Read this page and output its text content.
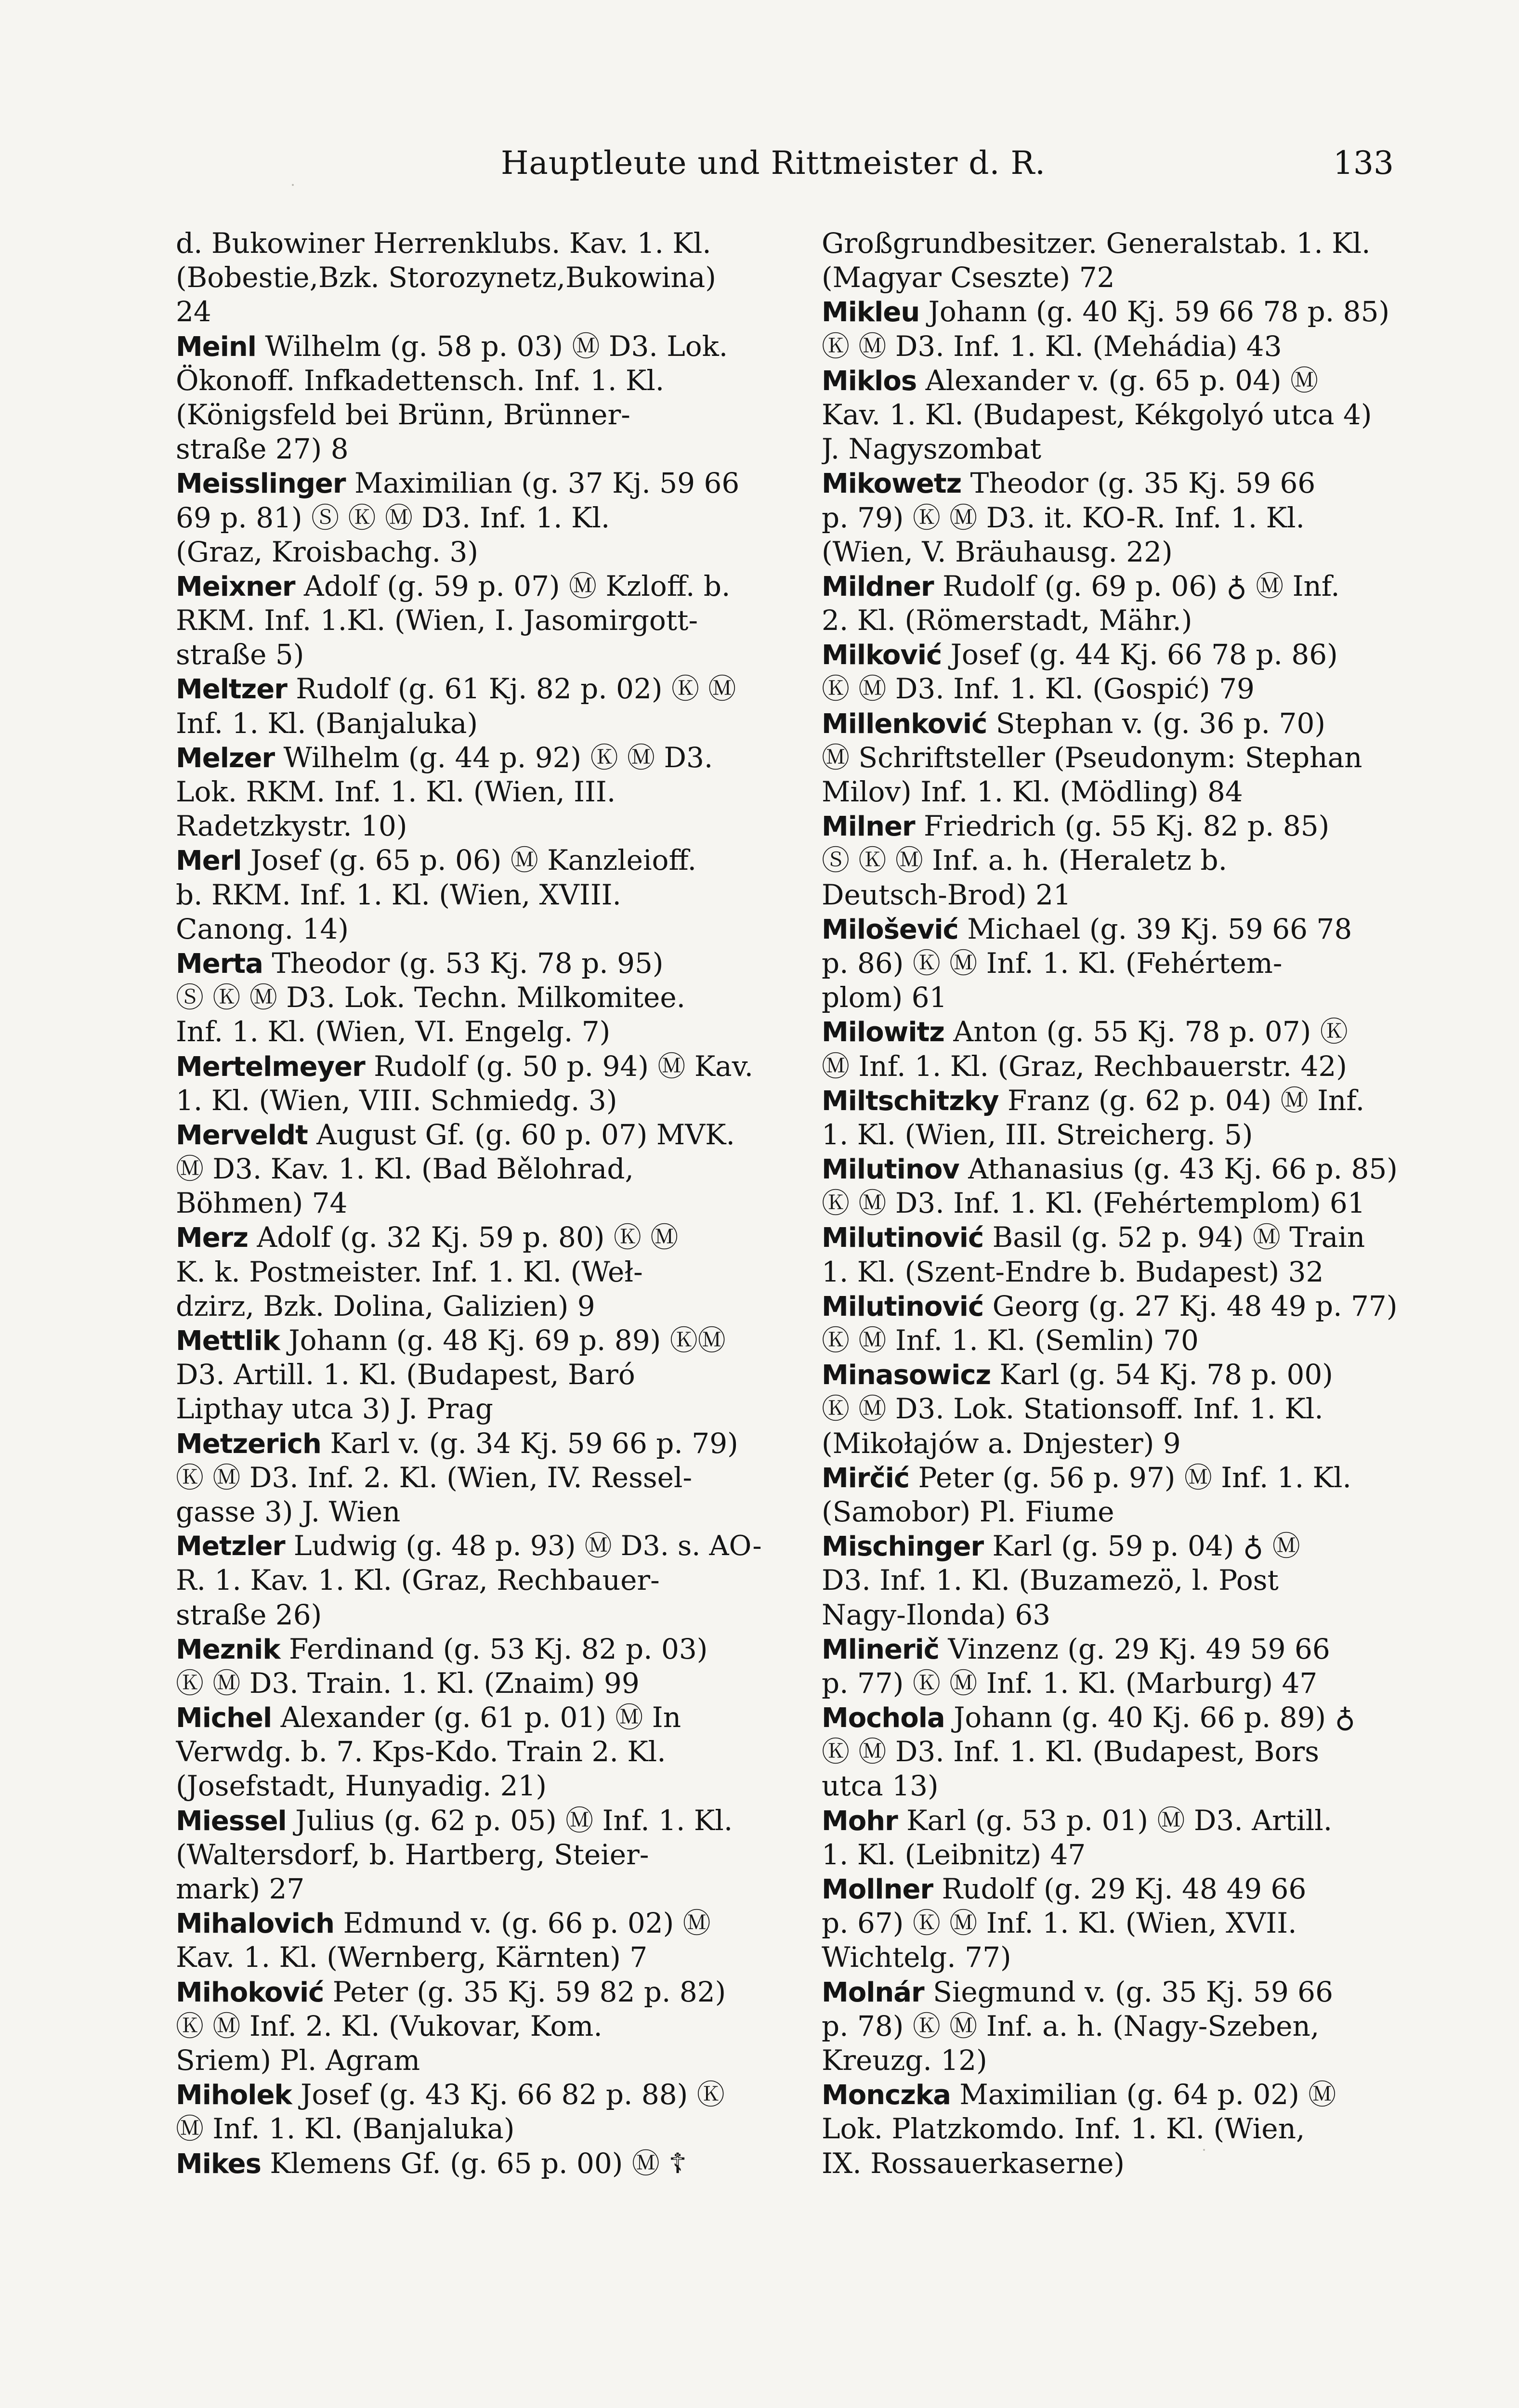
Hauptleute und Rittmeister d. R.	133
d. Bukowiner Herrenklubs. Kav. 1. Kl.
(Bobestie,Bzk. Storozynetz,Bukowina)
24
Meinl Wilhelm (g. 58 p. 03) Ⓜ D3. Lok.
Ökonoff. Infkadettensch. Inf. 1. Kl.
(Königsfeld bei Brünn, Brünner-
straße 27) 8
Meisslinger Maximilian (g. 37 Kj. 59 66
69 p. 81) Ⓢ Ⓚ Ⓜ D3. Inf. 1. Kl.
(Graz, Kroisbachg. 3)
Meixner Adolf (g. 59 p. 07) Ⓜ Kzloff. b.
RKM. Inf. 1.Kl. (Wien, I. Jasomirgott-
straße 5)
Meltzer Rudolf (g. 61 Kj. 82 p. 02) Ⓚ Ⓜ
Inf. 1. Kl. (Banjaluka)
Melzer Wilhelm (g. 44 p. 92) Ⓚ Ⓜ D3.
Lok. RKM. Inf. 1. Kl. (Wien, III.
Radetzkystr. 10)
Merl Josef (g. 65 p. 06) Ⓜ Kanzleioff.
b. RKM. Inf. 1. Kl. (Wien, XVIII.
Canong. 14)
Merta Theodor (g. 53 Kj. 78 p. 95)
Ⓢ Ⓚ Ⓜ D3. Lok. Techn. Milkomitee.
Inf. 1. Kl. (Wien, VI. Engelg. 7)
Mertelmeyer Rudolf (g. 50 p. 94) Ⓜ Kav.
1. Kl. (Wien, VIII. Schmiedg. 3)
Merveldt August Gf. (g. 60 p. 07) MVK.
Ⓜ D3. Kav. 1. Kl. (Bad Bělohrad,
Böhmen) 74
Merz Adolf (g. 32 Kj. 59 p. 80) Ⓚ Ⓜ
K. k. Postmeister. Inf. 1. Kl. (Weł-
dzirz, Bzk. Dolina, Galizien) 9
Mettlik Johann (g. 48 Kj. 69 p. 89) ⓀⓂ
D3. Artill. 1. Kl. (Budapest, Baró
Lipthay utca 3) J. Prag
Metzerich Karl v. (g. 34 Kj. 59 66 p. 79)
Ⓚ Ⓜ D3. Inf. 2. Kl. (Wien, IV. Ressel-
gasse 3) J. Wien
Metzler Ludwig (g. 48 p. 93) Ⓜ D3. s. AO-
R. 1. Kav. 1. Kl. (Graz, Rechbauer-
straße 26)
Meznik Ferdinand (g. 53 Kj. 82 p. 03)
Ⓚ Ⓜ D3. Train. 1. Kl. (Znaim) 99
Michel Alexander (g. 61 p. 01) Ⓜ In
Verwdg. b. 7. Kps-Kdo. Train 2. Kl.
(Josefstadt, Hunyadig. 21)
Miessel Julius (g. 62 p. 05) Ⓜ Inf. 1. Kl.
(Waltersdorf, b. Hartberg, Steier-
mark) 27
Mihalovich Edmund v. (g. 66 p. 02) Ⓜ
Kav. 1. Kl. (Wernberg, Kärnten) 7
Mihoković Peter (g. 35 Kj. 59 82 p. 82)
Ⓚ Ⓜ Inf. 2. Kl. (Vukovar, Kom.
Sriem) Pl. Agram
Miholek Josef (g. 43 Kj. 66 82 p. 88) Ⓚ
Ⓜ Inf. 1. Kl. (Banjaluka)
Mikes Klemens Gf. (g. 65 p. 00) Ⓜ ☦
Großgrundbesitzer. Generalstab. 1. Kl.
(Magyar Cseszte) 72
Mikleu Johann (g. 40 Kj. 59 66 78 p. 85)
Ⓚ Ⓜ D3. Inf. 1. Kl. (Mehádia) 43
Miklos Alexander v. (g. 65 p. 04) Ⓜ
Kav. 1. Kl. (Budapest, Kékgolyó utca 4)
J. Nagyszombat
Mikowetz Theodor (g. 35 Kj. 59 66
p. 79) Ⓚ Ⓜ D3. it. KO-R. Inf. 1. Kl.
(Wien, V. Bräuhausg. 22)
Mildner Rudolf (g. 69 p. 06) ♁ Ⓜ Inf.
2. Kl. (Römerstadt, Mähr.)
Milković Josef (g. 44 Kj. 66 78 p. 86)
Ⓚ Ⓜ D3. Inf. 1. Kl. (Gospić) 79
Millenković Stephan v. (g. 36 p. 70)
Ⓜ Schriftsteller (Pseudonym: Stephan
Milov) Inf. 1. Kl. (Mödling) 84
Milner Friedrich (g. 55 Kj. 82 p. 85)
Ⓢ Ⓚ Ⓜ Inf. a. h. (Heraletz b.
Deutsch-Brod) 21
Milošević Michael (g. 39 Kj. 59 66 78
p. 86) Ⓚ Ⓜ Inf. 1. Kl. (Fehértem-
plom) 61
Milowitz Anton (g. 55 Kj. 78 p. 07) Ⓚ
Ⓜ Inf. 1. Kl. (Graz, Rechbauerstr. 42)
Miltschitzky Franz (g. 62 p. 04) Ⓜ Inf.
1. Kl. (Wien, III. Streicherg. 5)
Milutinov Athanasius (g. 43 Kj. 66 p. 85)
Ⓚ Ⓜ D3. Inf. 1. Kl. (Fehértemplom) 61
Milutinović Basil (g. 52 p. 94) Ⓜ Train
1. Kl. (Szent-Endre b. Budapest) 32
Milutinović Georg (g. 27 Kj. 48 49 p. 77)
Ⓚ Ⓜ Inf. 1. Kl. (Semlin) 70
Minasowicz Karl (g. 54 Kj. 78 p. 00)
Ⓚ Ⓜ D3. Lok. Stationsoff. Inf. 1. Kl.
(Mikołajów a. Dnjester) 9
Mirčić Peter (g. 56 p. 97) Ⓜ Inf. 1. Kl.
(Samobor) Pl. Fiume
Mischinger Karl (g. 59 p. 04) ♁ Ⓜ
D3. Inf. 1. Kl. (Buzamezö, l. Post
Nagy-Ilonda) 63
Mlinerič Vinzenz (g. 29 Kj. 49 59 66
p. 77) Ⓚ Ⓜ Inf. 1. Kl. (Marburg) 47
Mochola Johann (g. 40 Kj. 66 p. 89) ♁
Ⓚ Ⓜ D3. Inf. 1. Kl. (Budapest, Bors
utca 13)
Mohr Karl (g. 53 p. 01) Ⓜ D3. Artill.
1. Kl. (Leibnitz) 47
Mollner Rudolf (g. 29 Kj. 48 49 66
p. 67) Ⓚ Ⓜ Inf. 1. Kl. (Wien, XVII.
Wichtelg. 77)
Molnár Siegmund v. (g. 35 Kj. 59 66
p. 78) Ⓚ Ⓜ Inf. a. h. (Nagy-Szeben,
Kreuzg. 12)
Monczka Maximilian (g. 64 p. 02) Ⓜ
Lok. Platzkomdo. Inf. 1. Kl. (Wien,
IX. Rossauerkaserne)
